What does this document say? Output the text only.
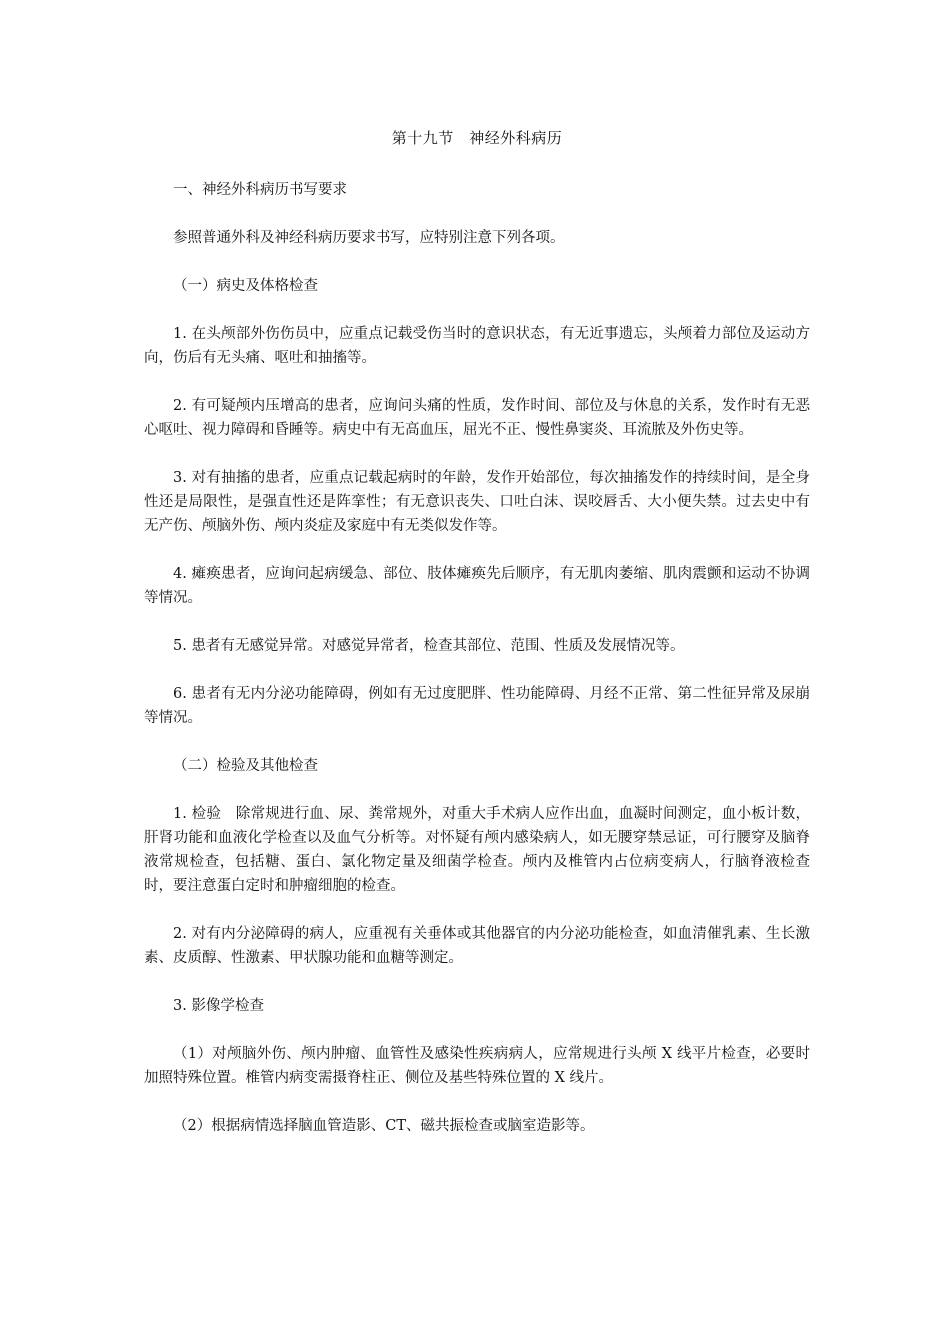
第十九节　神经外科病历

一、神经外科病历书写要求

参照普通外科及神经科病历要求书写，应特别注意下列各项。

（一）病史及体格检查

1. 在头颅部外伤伤员中，应重点记载受伤当时的意识状态，有无近事遗忘，头颅着力部位及运动方向，伤后有无头痛、呕吐和抽搐等。

2. 有可疑颅内压增高的患者，应询问头痛的性质，发作时间、部位及与休息的关系，发作时有无恶心呕吐、视力障碍和昏睡等。病史中有无高血压，屈光不正、慢性鼻窦炎、耳流脓及外伤史等。

3. 对有抽搐的患者，应重点记载起病时的年龄，发作开始部位，每次抽搐发作的持续时间，是全身性还是局限性，是强直性还是阵挛性；有无意识丧失、口吐白沫、误咬唇舌、大小便失禁。过去史中有无产伤、颅脑外伤、颅内炎症及家庭中有无类似发作等。

4. 瘫痪患者，应询问起病缓急、部位、肢体瘫痪先后顺序，有无肌肉萎缩、肌肉震颤和运动不协调等情况。

5. 患者有无感觉异常。对感觉异常者，检查其部位、范围、性质及发展情况等。

6. 患者有无内分泌功能障碍，例如有无过度肥胖、性功能障碍、月经不正常、第二性征异常及尿崩等情况。

（二）检验及其他检查

1. 检验　除常规进行血、尿、粪常规外，对重大手术病人应作出血，血凝时间测定，血小板计数，肝肾功能和血液化学检查以及血气分析等。对怀疑有颅内感染病人，如无腰穿禁忌证，可行腰穿及脑脊液常规检查，包括糖、蛋白、氯化物定量及细菌学检查。颅内及椎管内占位病变病人，行脑脊液检查时，要注意蛋白定时和肿瘤细胞的检查。

2. 对有内分泌障碍的病人，应重视有关垂体或其他器官的内分泌功能检查，如血清催乳素、生长激素、皮质醇、性激素、甲状腺功能和血糖等测定。

3. 影像学检查

（1）对颅脑外伤、颅内肿瘤、血管性及感染性疾病病人，应常规进行头颅 X 线平片检查，必要时加照特殊位置。椎管内病变需摄脊柱正、侧位及基些特殊位置的 X 线片。

（2）根据病情选择脑血管造影、CT、磁共振检查或脑室造影等。
